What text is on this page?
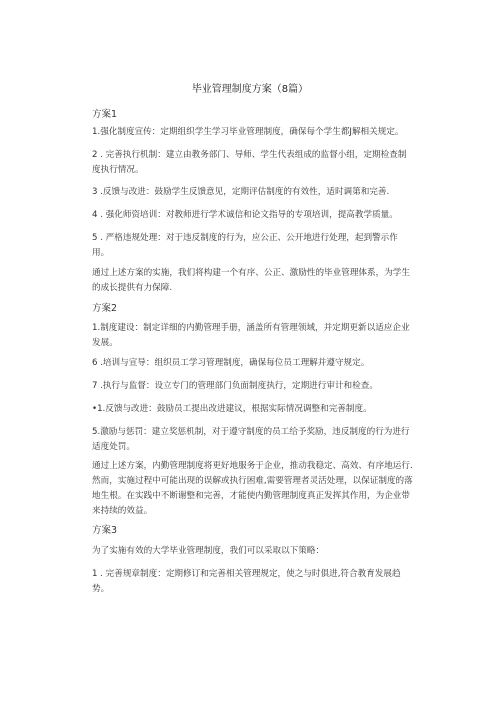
毕业管理制度方案（8篇）
方案1

1.强化制度宣传：定期组织学生学习毕业管理制度，确保每个学生都J解相关规定。

2 . 完善执行机制：建立由教务部门、导师、学生代表组成的监督小组，定期检查制度执行情况。

3 .反馈与改进：鼓励学生反馈意见，定期评估制度的有效性，适时调第和完善.

4 . 强化师资培训：对教师进行学术诚信和论文指导的专项培训，提高教学质量。

5 . 严格违规处理：对于违反制度的行为，应公正、公开地进行处理，起到警示作用。

通过上述方案的实施，我们将构建一个有序、公正、激励性的毕业管理体系，为学生的成长提供有力保障.

方案2

1.制度建设：制定详细的内勤管理手册，涵盖所有管理领域，并定期更新以适应企业发展。

6 .培训与宣导：组织员工学习管理制度，确保每位员工理解并遵守规定。

7 .执行与监督：设立专门的管理部门负面制度执行，定期进行审计和检查。

•1.反馈与改进：鼓励员工提出改进建议，根据实际情况调整和完善制度。

5.激励与惩罚：建立奖惩机制，对于遵守制度的员工给予奖励，违反制度的行为进行适度处罚。

通过上述方案，内勤管理制度将更好地服务于企业，推动我稳定、高效、有序地运行.然而，实施过程中可能出现的误解或执行困难,需要管理者灵活处理，以保证制度的落地生根。在实践中不断谢整和完善，才能使内勤管理制度真正发挥其作用，为企业带来持续的效益。

方案3

为了实施有效的大学毕业管理制度，我们可以采取以下策略：

1 . 完善规章制度：定期修订和完善相关管理规定，使之与时俱进,符合教育发展趋势。
